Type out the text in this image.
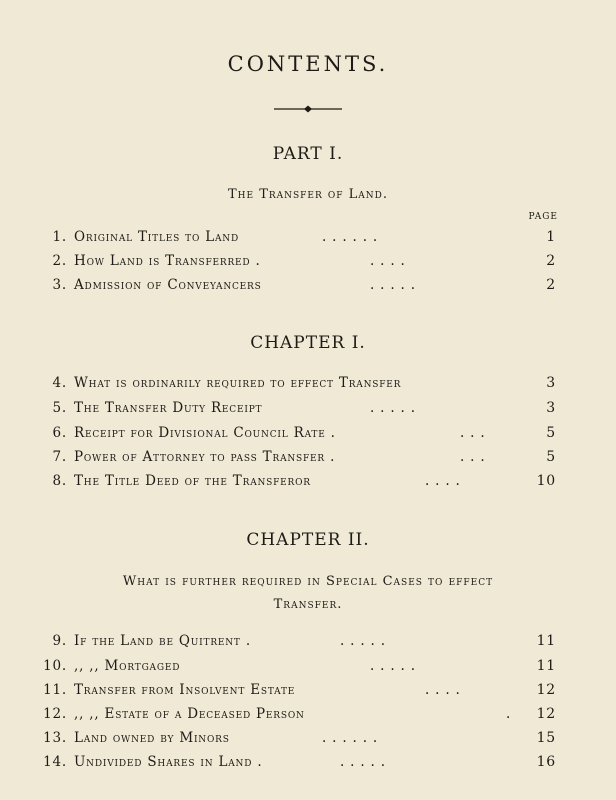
CONTENTS.
PART I.
The Transfer of Land.
PAGE
1. Original Titles to Land	. . . . . .	1
2. How Land is Transferred .	. . . .	2
3. Admission of Conveyancers	. . . . .	2
CHAPTER I.
4. What is ordinarily required to effect Transfer	3
5. The Transfer Duty Receipt	. . . . .	3
6. Receipt for Divisional Council Rate .	. . .	5
7. Power of Attorney to pass Transfer .	. . .	5
8. The Title Deed of the Transferor	. . . .	10
CHAPTER II.
What is further required in Special Cases to effect
Transfer.
9. If the Land be Quitrent .	. . . . .	11
10. ,, ,, Mortgaged	. . . . .	11
11. Transfer from Insolvent Estate	. . . .	12
12. ,, ,, Estate of a Deceased Person	. 12
13. Land owned by Minors	. . . . . .	15
14. Undivided Shares in Land .	. . . . .	16
